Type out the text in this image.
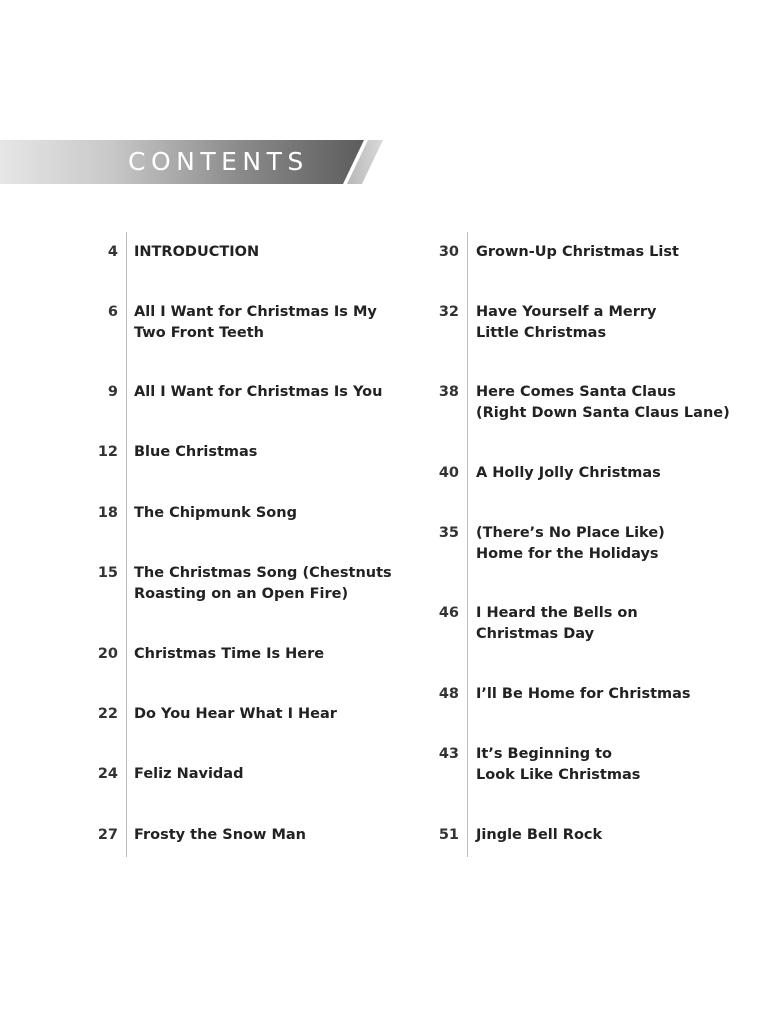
CONTENTS
4 INTRODUCTION
6 All I Want for Christmas Is My
Two Front Teeth
9 All I Want for Christmas Is You
12 Blue Christmas
18 The Chipmunk Song
15 The Christmas Song (Chestnuts
Roasting on an Open Fire)
20 Christmas Time Is Here
22 Do You Hear What I Hear
24 Feliz Navidad
27 Frosty the Snow Man
30 Grown-Up Christmas List
32 Have Yourself a Merry
Little Christmas
38 Here Comes Santa Claus
(Right Down Santa Claus Lane)
40 A Holly Jolly Christmas
35 (There’s No Place Like)
Home for the Holidays
46 I Heard the Bells on
Christmas Day
48 I’ll Be Home for Christmas
43 It’s Beginning to
Look Like Christmas
51 Jingle Bell Rock
